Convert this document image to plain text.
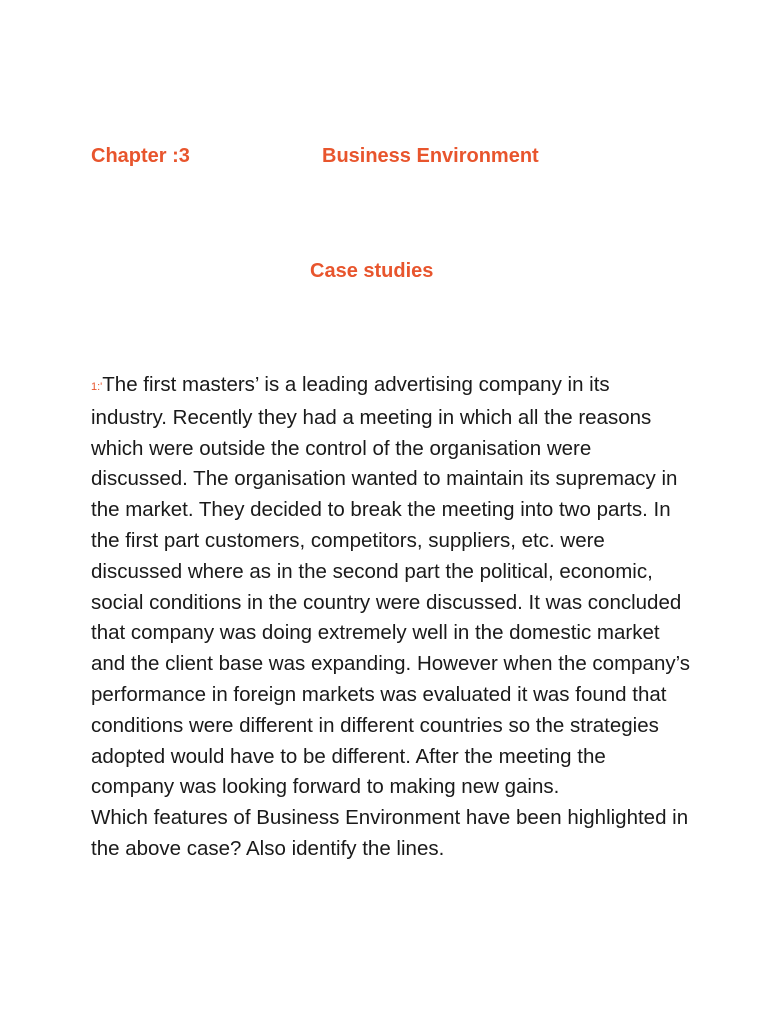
Chapter :3	Business Environment
Case studies

1:'The first masters’ is a leading advertising company in its industry. Recently they had a meeting in which all the reasons which were outside the control of the organisation were discussed. The organisation wanted to maintain its supremacy in the market. They decided to break the meeting into two parts. In the first part customers, competitors, suppliers, etc. were discussed where as in the second part the political, economic, social conditions in the country were discussed. It was concluded that company was doing extremely well in the domestic market and the client base was expanding. However when the company’s performance in foreign markets was evaluated it was found that conditions were different in different countries so the strategies adopted would have to be different. After the meeting the company was looking forward to making new gains.

Which features of Business Environment have been highlighted in the above case? Also identify the lines.
